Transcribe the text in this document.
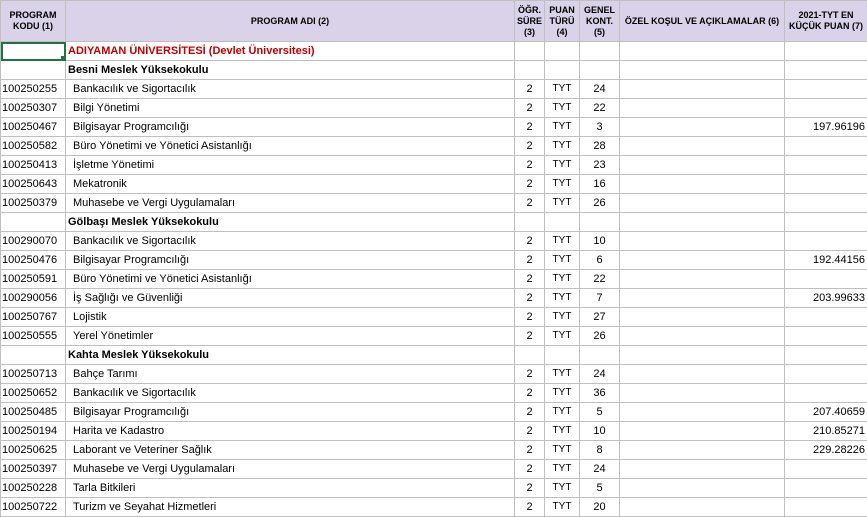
PROGRAM KODU (1)	PROGRAM ADI (2)	ÖĞR. SÜRE (3)	PUAN TÜRÜ (4)	GENEL KONT. (5)	ÖZEL KOŞUL VE AÇIKLAMALAR (6)	2021-TYT EN KÜÇÜK PUAN (7)

	ADIYAMAN ÜNİVERSİTESİ (Devlet Üniversitesi)					
	Besni Meslek Yüksekokulu					
100250255	Bankacılık ve Sigortacılık	2	TYT	24		
100250307	Bilgi Yönetimi	2	TYT	22		
100250467	Bilgisayar Programcılığı	2	TYT	3		197.96196
100250582	Büro Yönetimi ve Yönetici Asistanlığı	2	TYT	28		
100250413	İşletme Yönetimi	2	TYT	23		
100250643	Mekatronik	2	TYT	16		
100250379	Muhasebe ve Vergi Uygulamaları	2	TYT	26		
	Gölbaşı Meslek Yüksekokulu					
100290070	Bankacılık ve Sigortacılık	2	TYT	10		
100250476	Bilgisayar Programcılığı	2	TYT	6		192.44156
100250591	Büro Yönetimi ve Yönetici Asistanlığı	2	TYT	22		
100290056	İş Sağlığı ve Güvenliği	2	TYT	7		203.99633
100250767	Lojistik	2	TYT	27		
100250555	Yerel Yönetimler	2	TYT	26		
	Kahta Meslek Yüksekokulu					
100250713	Bahçe Tarımı	2	TYT	24		
100250652	Bankacılık ve Sigortacılık	2	TYT	36		
100250485	Bilgisayar Programcılığı	2	TYT	5		207.40659
100250194	Harita ve Kadastro	2	TYT	10		210.85271
100250625	Laborant ve Veteriner Sağlık	2	TYT	8		229.28226
100250397	Muhasebe ve Vergi Uygulamaları	2	TYT	24		
100250228	Tarla Bitkileri	2	TYT	5		
100250722	Turizm ve Seyahat Hizmetleri	2	TYT	20		
